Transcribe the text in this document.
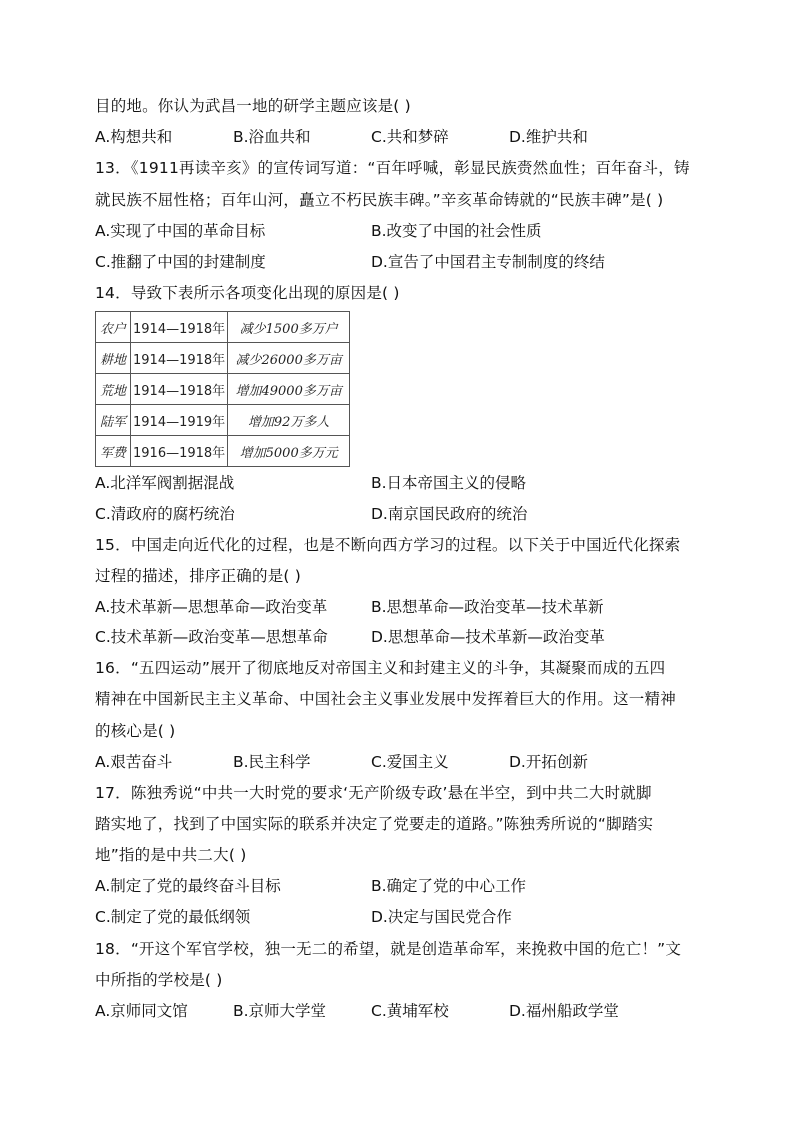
目的地。你认为武昌一地的研学主题应该是( )
A.构想共和	B.浴血共和	C.共和梦碎	D.维护共和
13．《1911再读辛亥》的宣传词写道：“百年呼喊，彰显民族赍然血性；百年奋斗，铸
就民族不屈性格；百年山河，矗立不朽民族丰碑。”辛亥革命铸就的“民族丰碑”是( )
A.实现了中国的革命目标	B.改变了中国的社会性质
C.推翻了中国的封建制度	D.宣告了中国君主专制制度的终结
14．导致下表所示各项变化出现的原因是( )
农户	1914—1918年	减少1500多万户
耕地	1914—1918年	减少26000多万亩
荒地	1914—1918年	增加49000多万亩
陆军	1914—1919年	增加92万多人
军费	1916—1918年	增加5000多万元
A.北洋军阀割据混战	B.日本帝国主义的侵略
C.清政府的腐朽统治	D.南京国民政府的统治
15．中国走向近代化的过程，也是不断向西方学习的过程。以下关于中国近代化探索
过程的描述，排序正确的是( )
A.技术革新—思想革命—政治变革	B.思想革命—政治变革—技术革新
C.技术革新—政治变革—思想革命	D.思想革命—技术革新—政治变革
16．“五四运动”展开了彻底地反对帝国主义和封建主义的斗争，其凝聚而成的五四
精神在中国新民主主义革命、中国社会主义事业发展中发挥着巨大的作用。这一精神
的核心是( )
A.艰苦奋斗	B.民主科学	C.爱国主义	D.开拓创新
17．陈独秀说“中共一大时党的要求‘无产阶级专政’悬在半空，到中共二大时就脚
踏实地了，找到了中国实际的联系并决定了党要走的道路。”陈独秀所说的“脚踏实
地”指的是中共二大( )
A.制定了党的最终奋斗目标	B.确定了党的中心工作
C.制定了党的最低纲领	D.决定与国民党合作
18．“开这个军官学校，独一无二的希望，就是创造革命军，来挽救中国的危亡！”文
中所指的学校是( )
A.京师同文馆	B.京师大学堂	C.黄埔军校	D.福州船政学堂
